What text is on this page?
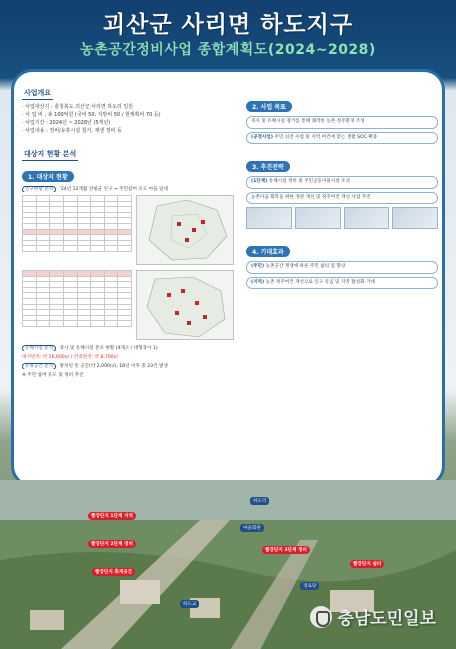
괴산군 사리면 하도지구
농촌공간정비사업 종합계획도(2024~2028)
사업개요
· 사업대상지 : 충청북도 괴산군 사리면 하도리 일원
· 사 업 비 : 총 100억원 (국비 50, 지방비 50 / 현계획비 70 등)
· 사업기간 : 2024년 ~ 2028년 (5개년)
· 사업내용 : 정비/유휴시설 철거, 재생 정비 등
대상지 현황 분석
1. 대상지 현황
인구현황 분석 '24년 12개월 연평균 인구 → 주민참여 유도 마을 일대

유해시설 분석 축사 및 유해시설 분포 현황 (4개소 / 대형축사 1)
대지면적: 약 16,600㎡ / 건축면적: 약 8,700㎡
유휴공간 분석 방치된 빈 공간(약 2,000㎡), 18년 이후 총 23건 발생
※ 주민 참여 유도 및 정비 추진
2. 사업 목표
축사 및 유해시설 철거를 통해 쾌적한 농촌 정주환경 조성
(공정사업) 주민 의견 수렴 및 지역 여건에 맞는 생활 SOC 확충
3. 추진전략
(1단계) 유해시설 정비 및 주민공동이용시설 조성
농촌다움 회복을 위한 경관 개선 및 정주여건 개선 사업 추진
4. 기대효과
(주민) 농촌공간 재생에 따른 주민 삶의 질 향상
(지역) 농촌 정주여건 개선으로 인구 유입 및 지역 활성화 기대
빨강단지 1단계 지역
빨강단지 2단계 정비
빨강단지 3단계 정비
빨강단지 휴게공간
빨강단지 쉼터
하도리
마을회관
하도교
경로당
충남도민일보
